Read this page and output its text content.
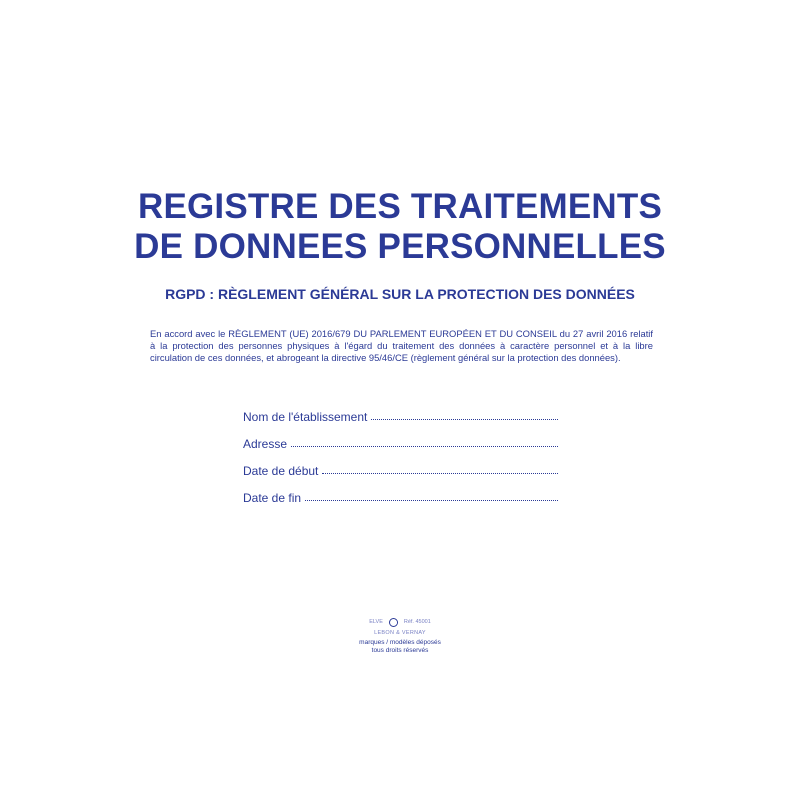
REGISTRE DES TRAITEMENTS
DE DONNEES PERSONNELLES
RGPD : RÈGLEMENT GÉNÉRAL SUR LA PROTECTION DES DONNÉES

En accord avec le RÈGLEMENT (UE) 2016/679 DU PARLEMENT EUROPÉEN ET DU CONSEIL du 27 avril 2016 relatif à la protection des personnes physiques à l'égard du traitement des données à caractère personnel et à la libre circulation de ces données, et abrogeant la directive 95/46/CE (règlement général sur la protection des données).

Nom de l'établissement
Adresse
Date de début
Date de fin
ELVE	Réf. 45001
LEBON & VERNAY
marques / modèles déposés
tous droits réservés
